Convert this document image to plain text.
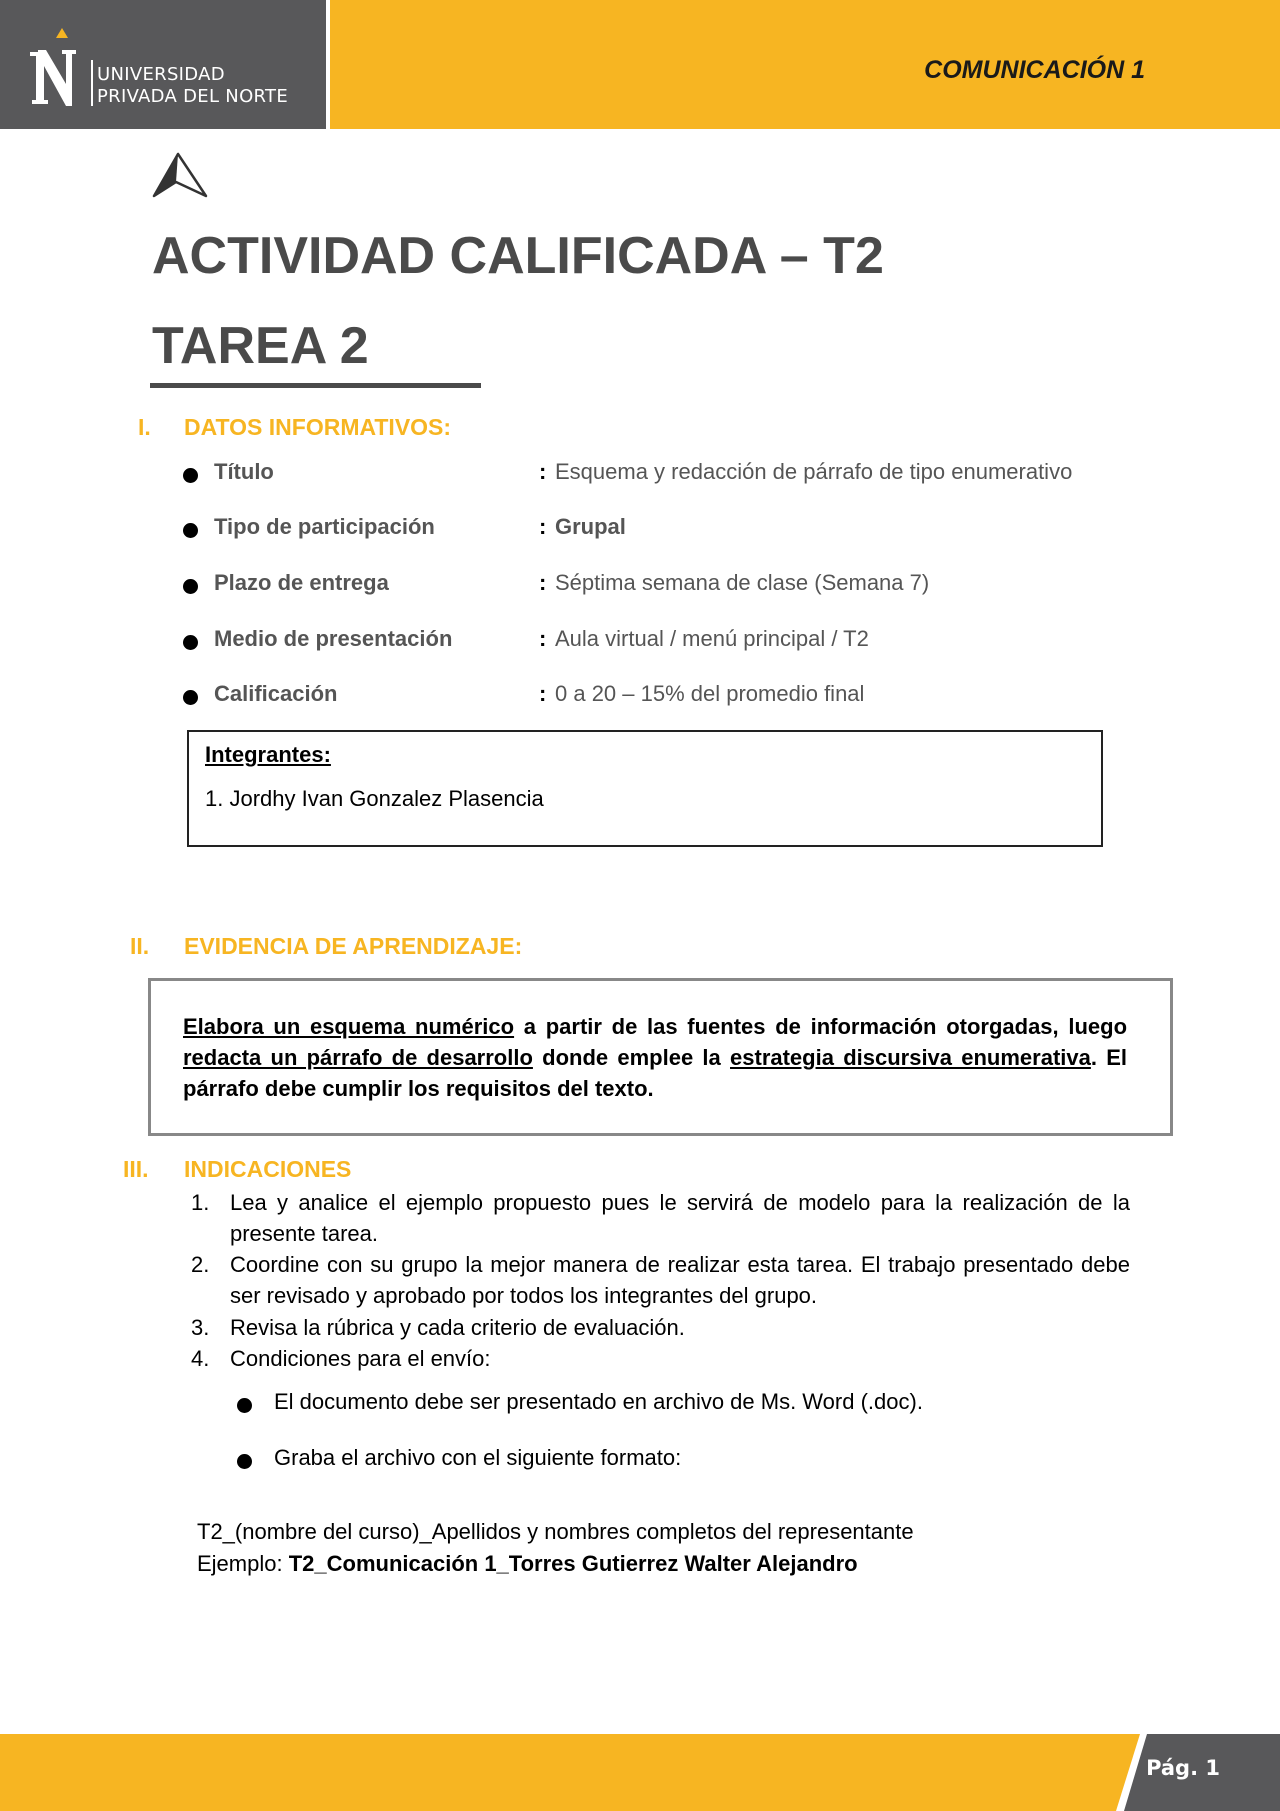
UNIVERSIDAD
PRIVADA DEL NORTE
COMUNICACIÓN 1
ACTIVIDAD CALIFICADA – T2
TAREA 2
I. DATOS INFORMATIVOS:
Título	: Esquema y redacción de párrafo de tipo enumerativo
Tipo de participación	: Grupal
Plazo de entrega	: Séptima semana de clase (Semana 7)
Medio de presentación	: Aula virtual / menú principal / T2
Calificación	: 0 a 20 – 15% del promedio final
Integrantes:
1. Jordhy Ivan Gonzalez Plasencia
II. EVIDENCIA DE APRENDIZAJE:
Elabora un esquema numérico a partir de las fuentes de información otorgadas, luego redacta un párrafo de desarrollo donde emplee la estrategia discursiva enumerativa. El párrafo debe cumplir los requisitos del texto.
III. INDICACIONES
1. Lea y analice el ejemplo propuesto pues le servirá de modelo para la realización de la presente tarea.
2. Coordine con su grupo la mejor manera de realizar esta tarea. El trabajo presentado debe ser revisado y aprobado por todos los integrantes del grupo.
3. Revisa la rúbrica y cada criterio de evaluación.
4. Condiciones para el envío:
El documento debe ser presentado en archivo de Ms. Word (.doc).
Graba el archivo con el siguiente formato:
T2_(nombre del curso)_Apellidos y nombres completos del representante
Ejemplo: T2_Comunicación 1_Torres Gutierrez Walter Alejandro
Pág. 1
